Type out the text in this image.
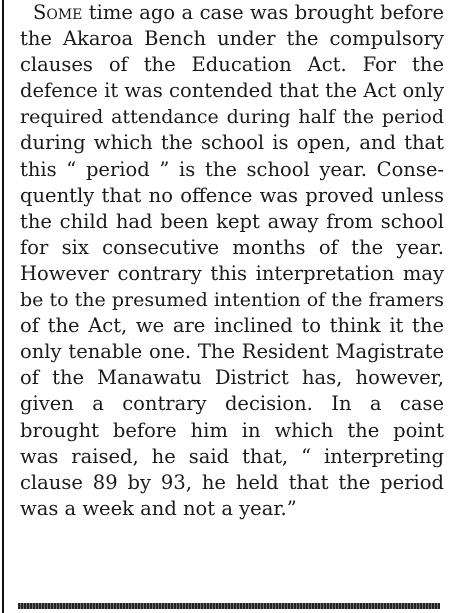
Some time ago a case was brought before
the Akaroa Bench under the compulsory
clauses of the Education Act. For the
defence it was contended that the Act only
required attendance during half the period
during which the school is open, and that
this “ period ” is the school year. Conse-
quently that no offence was proved unless
the child had been kept away from school
for six consecutive months of the year.
However contrary this interpretation may
be to the presumed intention of the framers
of the Act, we are inclined to think it the
only tenable one. The Resident Magistrate
of the Manawatu District has, however,
given a contrary decision. In a case
brought before him in which the point
was raised, he said that, “ interpreting
clause 89 by 93, he held that the period
was a week and not a year.”
